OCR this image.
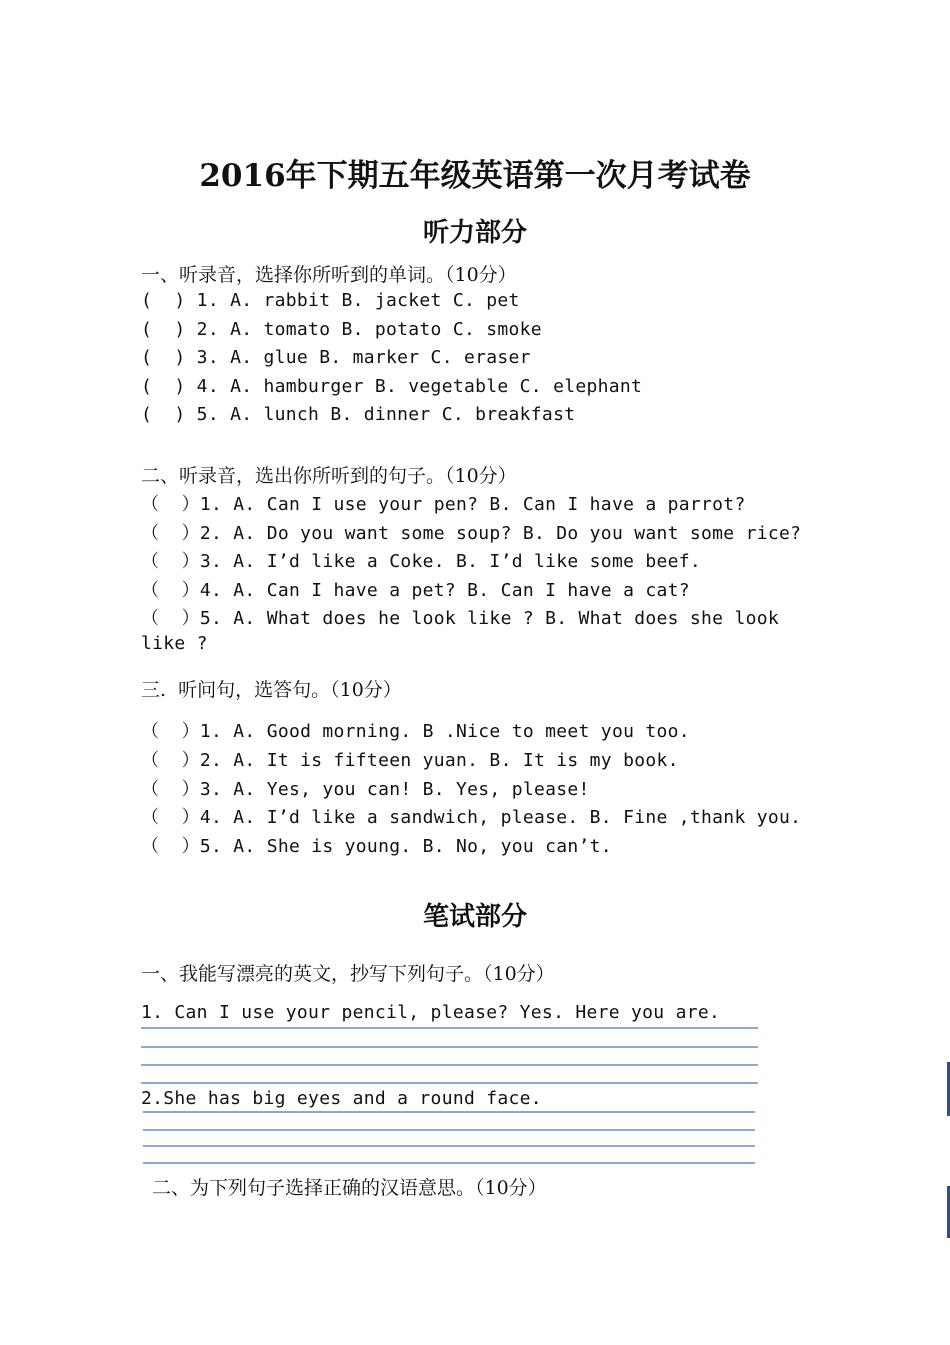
2016年下期五年级英语第一次月考试卷
听力部分
一、听录音，选择你所听到的单词。（10分）
(  ) 1. A. rabbit B. jacket C. pet
(  ) 2. A. tomato B. potato C. smoke
(  ) 3. A. glue B. marker C. eraser
(  ) 4. A. hamburger B. vegetable C. elephant
(  ) 5. A. lunch B. dinner C. breakfast
二、听录音，选出你所听到的句子。（10分）
（  ）1. A. Can I use your pen? B. Can I have a parrot?
（  ）2. A. Do you want some soup? B. Do you want some rice?
（  ）3. A. I’d like a Coke. B. I’d like some beef.
（  ）4. A. Can I have a pet? B. Can I have a cat?
（  ）5. A. What does he look like ? B. What does she look
like ?
三.  听问句，选答句。（10分）
（  ）1. A. Good morning. B .Nice to meet you too.
（  ）2. A. It is fifteen yuan. B. It is my book.
（  ）3. A. Yes, you can! B. Yes, please!
（  ）4. A. I’d like a sandwich, please. B. Fine ,thank you.
（  ）5. A. She is young. B. No, you can’t.
笔试部分
一、我能写漂亮的英文，抄写下列句子。（10分）
1. Can I use your pencil, please? Yes. Here you are.
2.She has big eyes and a round face.
二、为下列句子选择正确的汉语意思。（10分）
